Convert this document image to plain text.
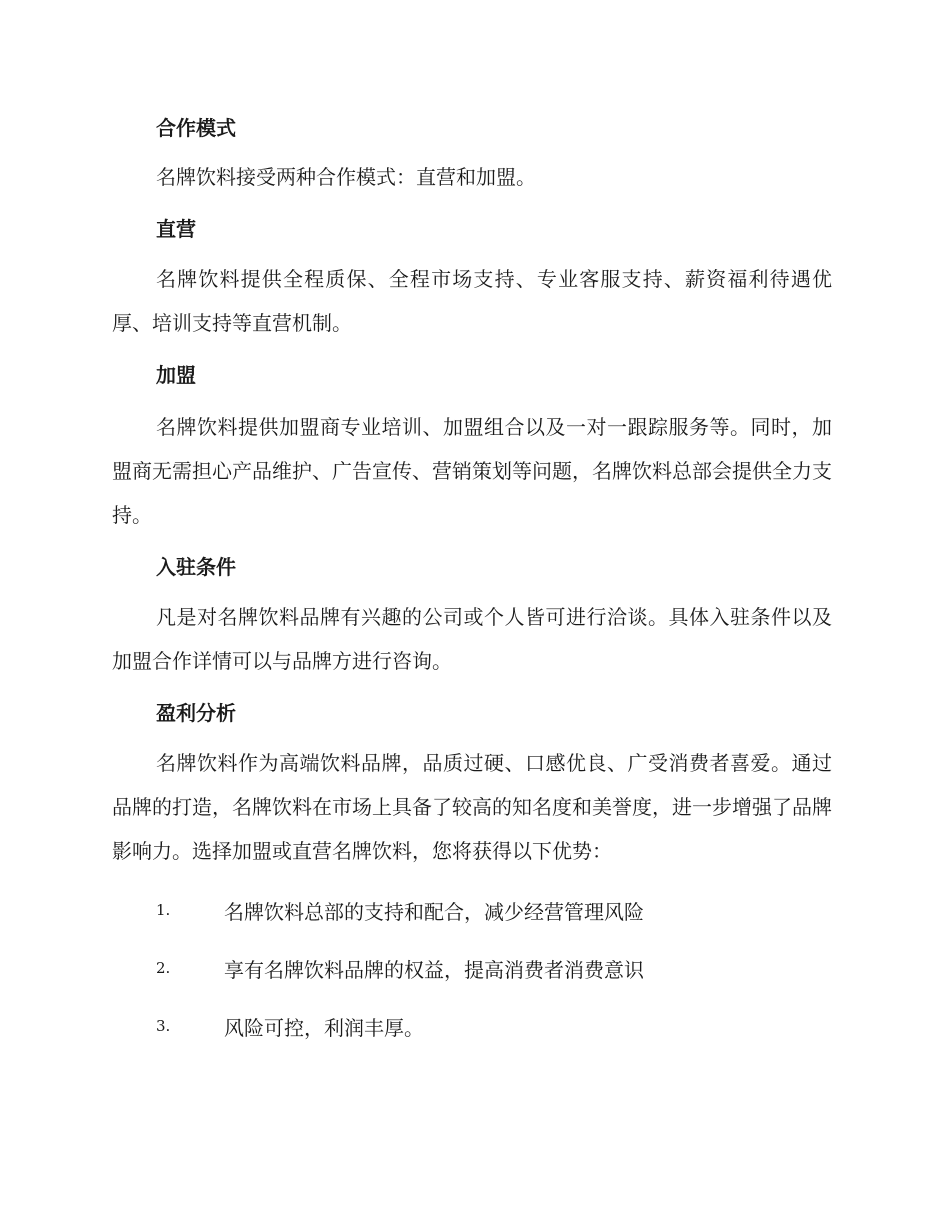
合作模式

名牌饮料接受两种合作模式：直营和加盟。

直营

名牌饮料提供全程质保、全程市场支持、专业客服支持、薪资福利待遇优厚、培训支持等直营机制。

加盟

名牌饮料提供加盟商专业培训、加盟组合以及一对一跟踪服务等。同时，加盟商无需担心产品维护、广告宣传、营销策划等问题，名牌饮料总部会提供全力支持。

入驻条件

凡是对名牌饮料品牌有兴趣的公司或个人皆可进行洽谈。具体入驻条件以及加盟合作详情可以与品牌方进行咨询。

盈利分析

名牌饮料作为高端饮料品牌，品质过硬、口感优良、广受消费者喜爱。通过品牌的打造，名牌饮料在市场上具备了较高的知名度和美誉度，进一步增强了品牌影响力。选择加盟或直营名牌饮料，您将获得以下优势：

1.	名牌饮料总部的支持和配合，减少经营管理风险
2.	享有名牌饮料品牌的权益，提高消费者消费意识
3.	风险可控，利润丰厚。
